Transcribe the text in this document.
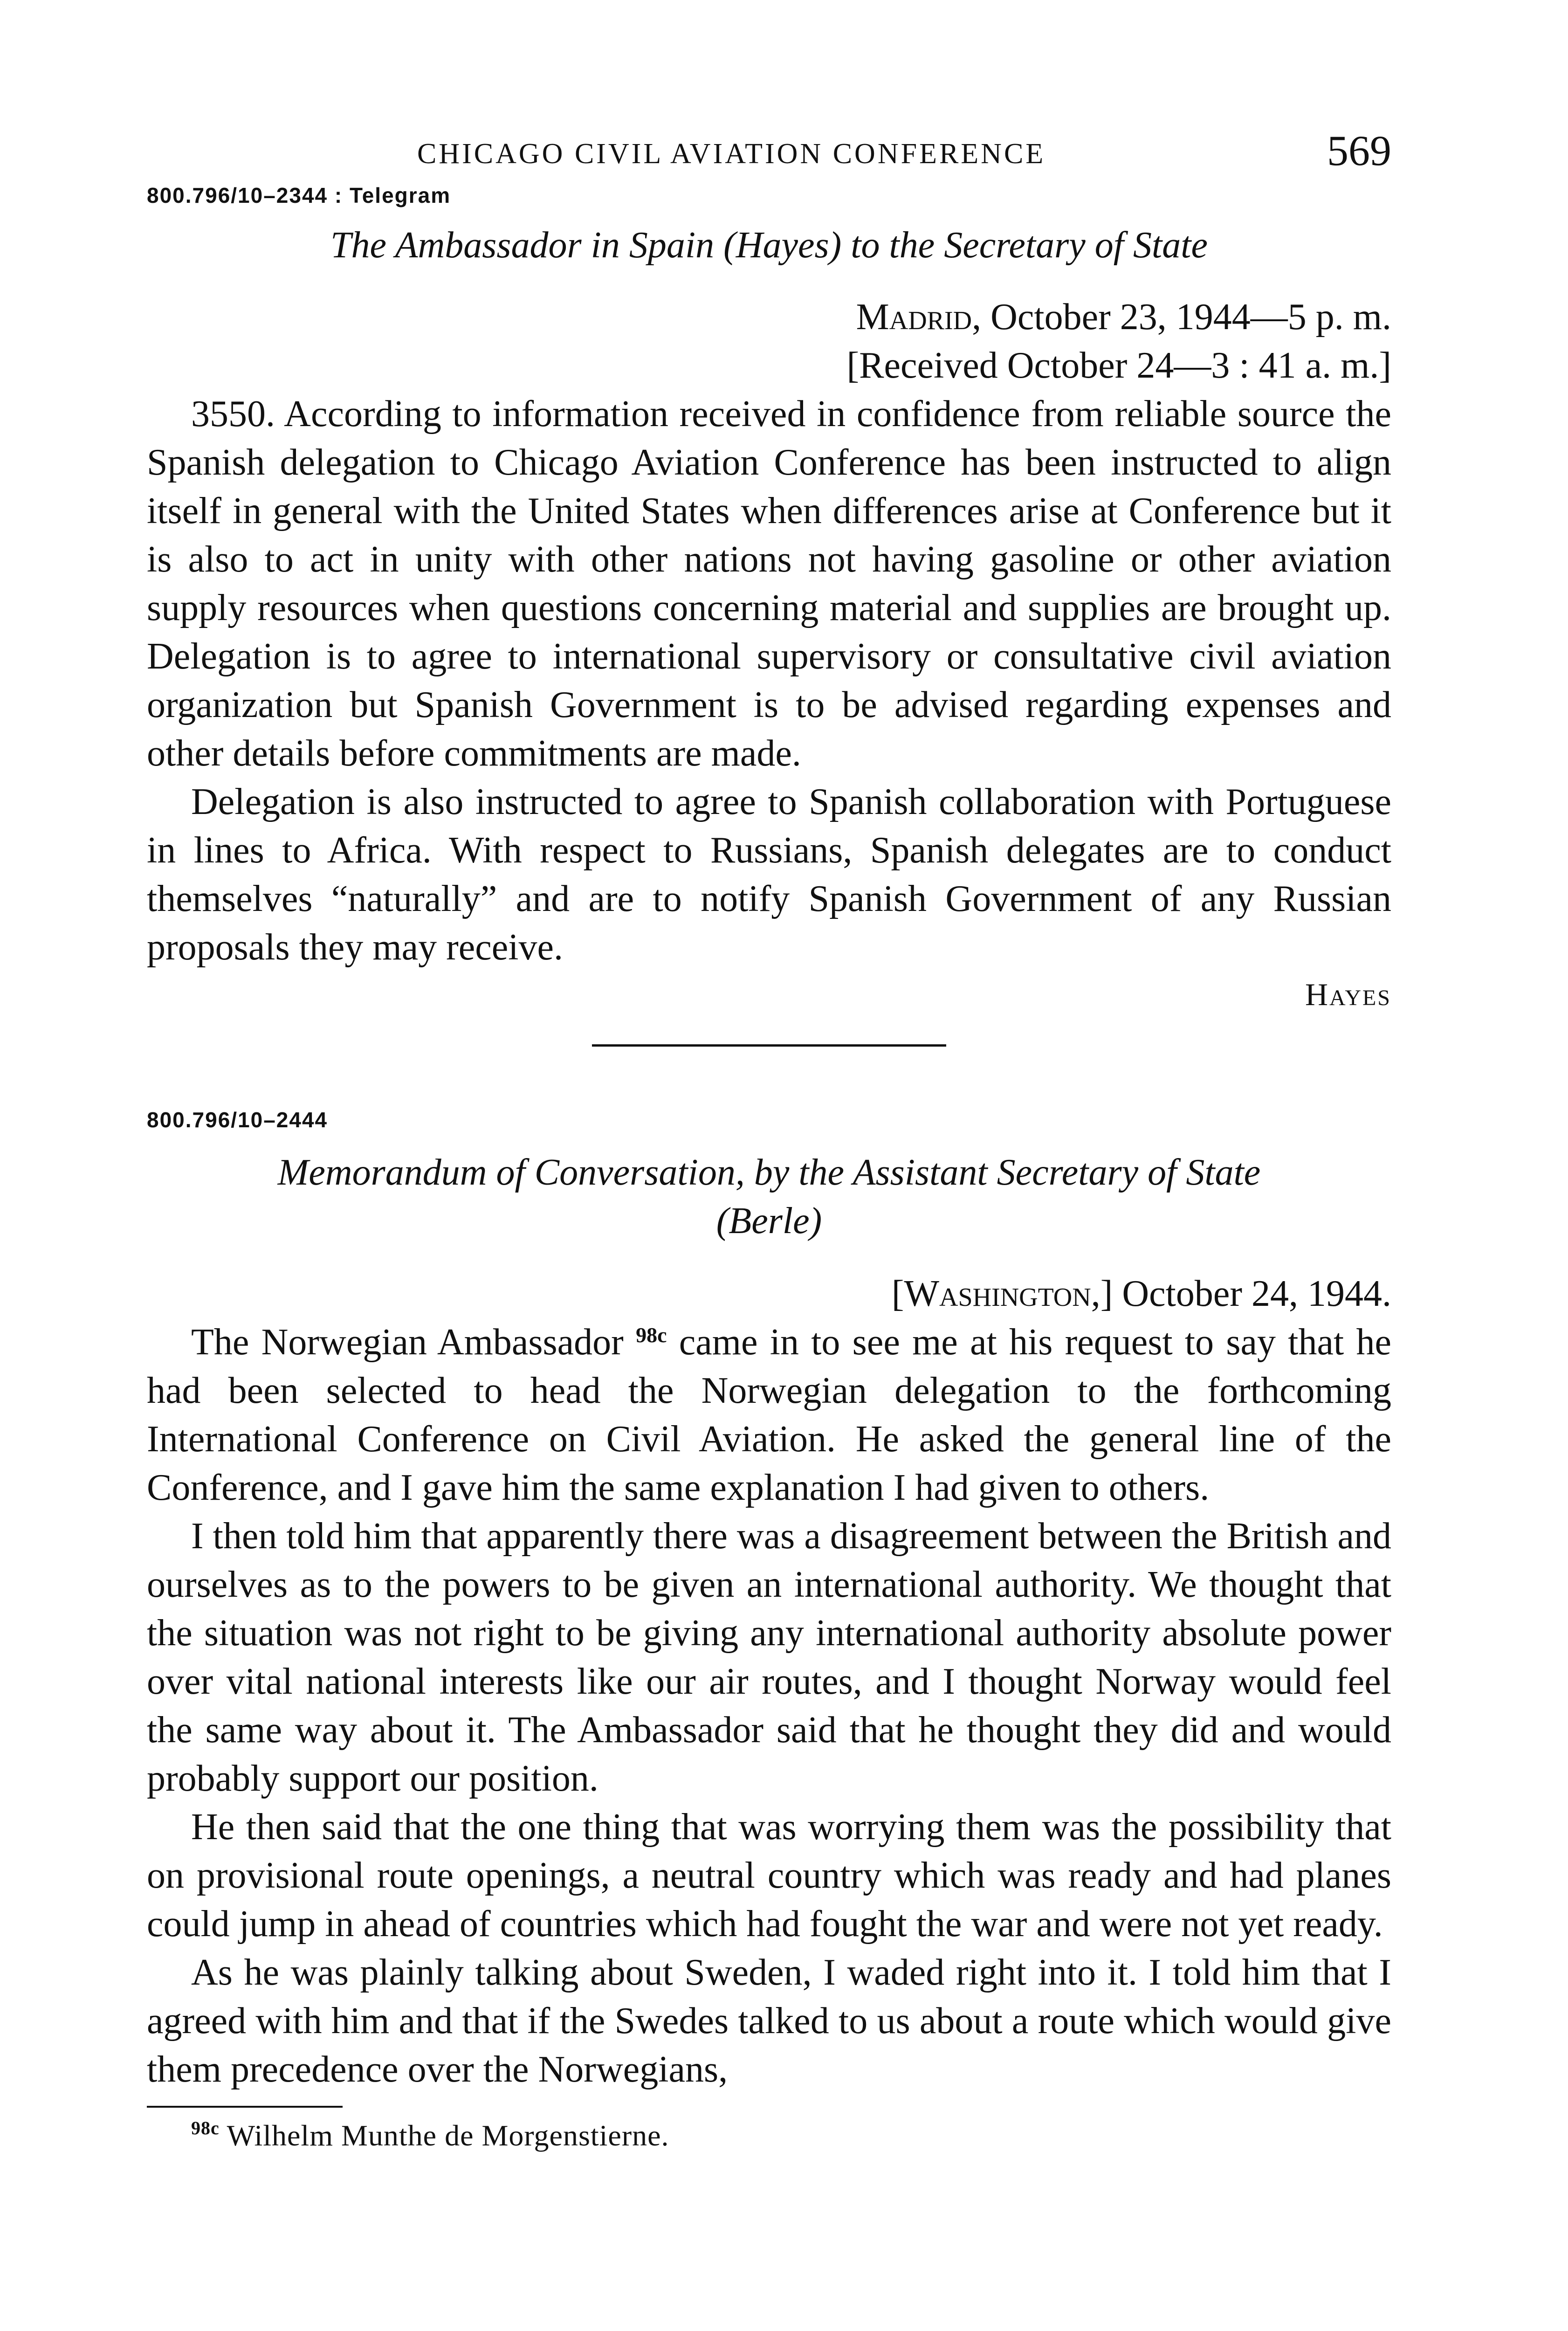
CHICAGO CIVIL AVIATION CONFERENCE	569

800.796/10–2344 : Telegram

The Ambassador in Spain (Hayes) to the Secretary of State

Madrid, October 23, 1944—5 p. m.

[Received October 24—3 : 41 a. m.]

3550. According to information received in confidence from reliable source the Spanish delegation to Chicago Aviation Conference has been instructed to align itself in general with the United States when differences arise at Conference but it is also to act in unity with other nations not having gasoline or other aviation supply resources when questions concerning material and supplies are brought up. Delegation is to agree to international supervisory or consultative civil aviation organization but Spanish Government is to be advised regarding expenses and other details before commitments are made.

Delegation is also instructed to agree to Spanish collaboration with Portuguese in lines to Africa. With respect to Russians, Spanish delegates are to conduct themselves “naturally” and are to notify Spanish Government of any Russian proposals they may receive.

Hayes

800.796/10–2444

Memorandum of Conversation, by the Assistant Secretary of State
(Berle)

[Washington,] October 24, 1944.

The Norwegian Ambassador $^{98c}$ came in to see me at his request to say that he had been selected to head the Norwegian delegation to the forthcoming International Conference on Civil Aviation. He asked the general line of the Conference, and I gave him the same explanation I had given to others.

I then told him that apparently there was a disagreement between the British and ourselves as to the powers to be given an international authority. We thought that the situation was not right to be giving any international authority absolute power over vital national interests like our air routes, and I thought Norway would feel the same way about it. The Ambassador said that he thought they did and would probably support our position.

He then said that the one thing that was worrying them was the possibility that on provisional route openings, a neutral country which was ready and had planes could jump in ahead of countries which had fought the war and were not yet ready.

As he was plainly talking about Sweden, I waded right into it. I told him that I agreed with him and that if the Swedes talked to us about a route which would give them precedence over the Norwegians,

$^{98c}$ Wilhelm Munthe de Morgenstierne.
